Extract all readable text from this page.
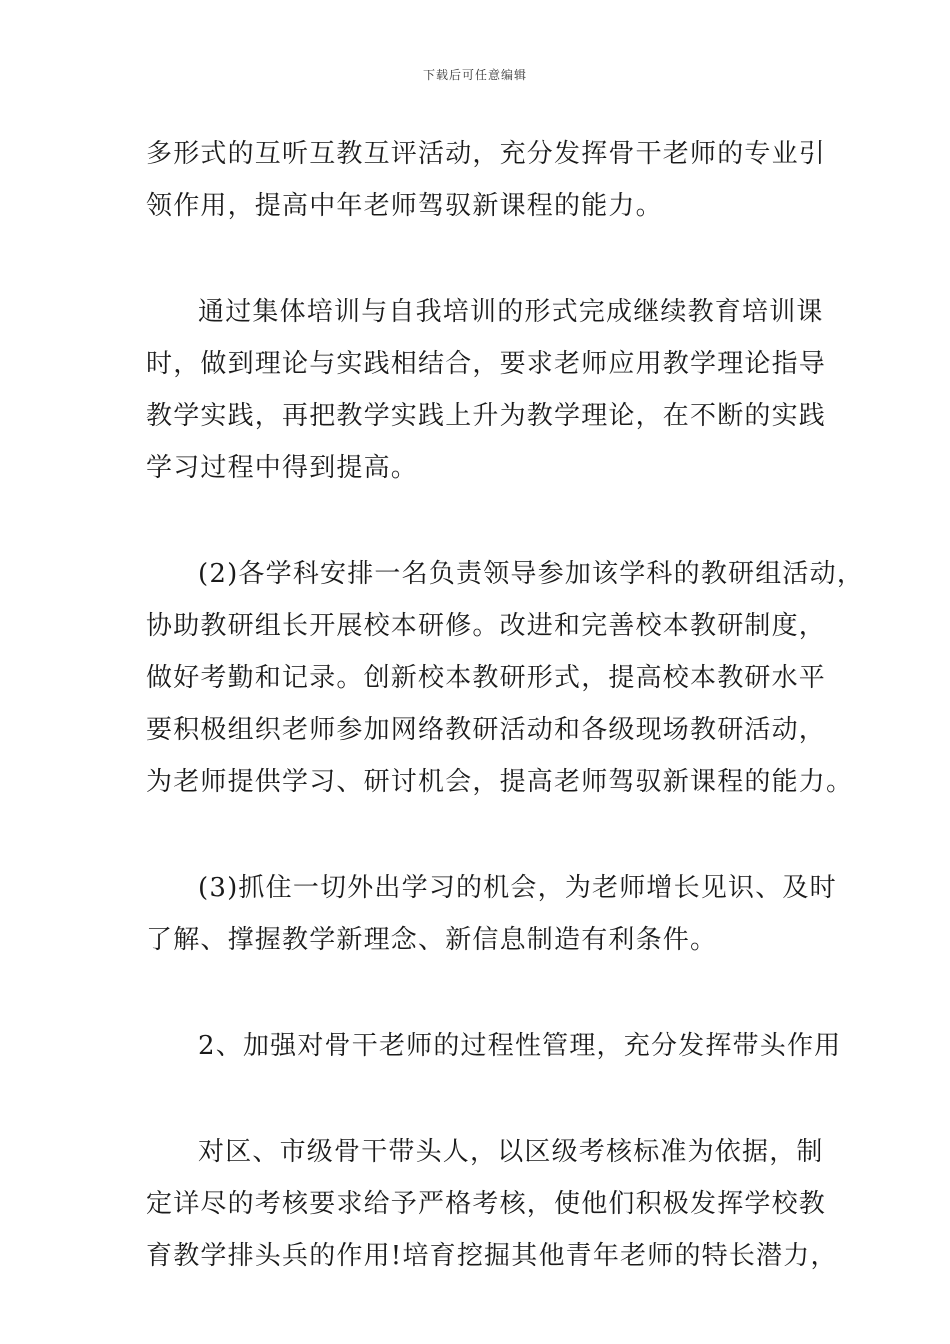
下载后可任意编辑

多形式的互听互教互评活动，充分发挥骨干老师的专业引
领作用，提高中年老师驾驭新课程的能力。

通过集体培训与自我培训的形式完成继续教育培训课
时，做到理论与实践相结合，要求老师应用教学理论指导
教学实践，再把教学实践上升为教学理论，在不断的实践
学习过程中得到提高。

(2)各学科安排一名负责领导参加该学科的教研组活动，
协助教研组长开展校本研修。改进和完善校本教研制度，
做好考勤和记录。创新校本教研形式，提高校本教研水平
要积极组织老师参加网络教研活动和各级现场教研活动，
为老师提供学习、研讨机会，提高老师驾驭新课程的能力。

(3)抓住一切外出学习的机会，为老师增长见识、及时
了解、撑握教学新理念、新信息制造有利条件。

2、加强对骨干老师的过程性管理，充分发挥带头作用

对区、市级骨干带头人，以区级考核标准为依据，制
定详尽的考核要求给予严格考核，使他们积极发挥学校教
育教学排头兵的作用!培育挖掘其他青年老师的特长潜力，
